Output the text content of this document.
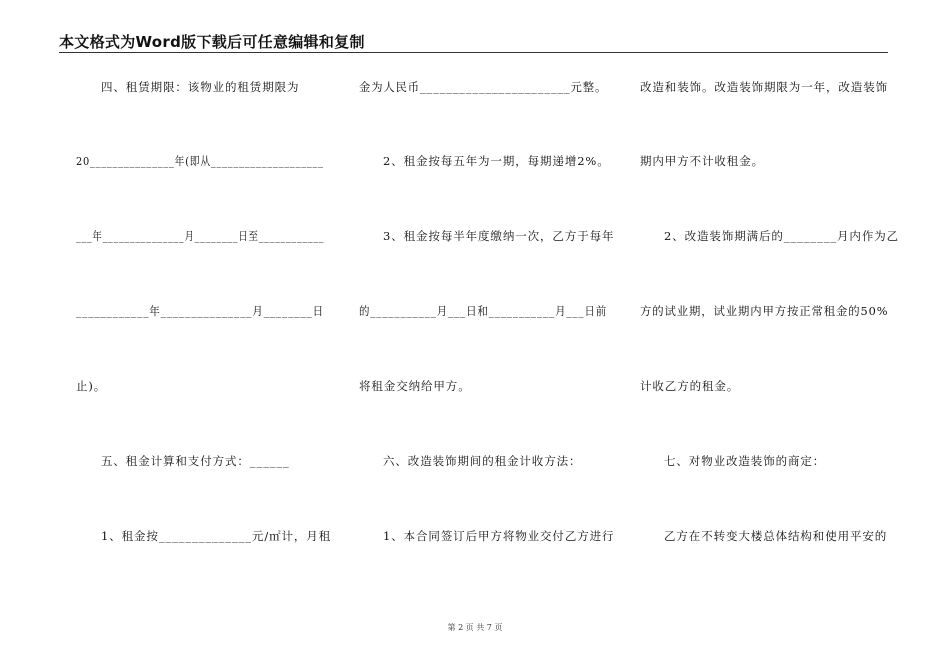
本文格式为Word版下载后可任意编辑和复制
四、租赁期限：该物业的租赁期限为
20_______________年(即从____________________
___年_______________月________日至____________
____________年_______________月________日
止)。
五、租金计算和支付方式：______
1、租金按______________元/㎡计，月租
金为人民币_______________________元整。
2、租金按每五年为一期，每期递增2%。
3、租金按每半年度缴纳一次，乙方于每年
的___________月___日和___________月___日前
将租金交纳给甲方。
六、改造装饰期间的租金计收方法：
1、本合同签订后甲方将物业交付乙方进行
改造和装饰。改造装饰期限为一年，改造装饰
期内甲方不计收租金。
2、改造装饰期满后的________月内作为乙
方的试业期，试业期内甲方按正常租金的50%
计收乙方的租金。
七、对物业改造装饰的商定：
乙方在不转变大楼总体结构和使用平安的
第 2 页 共 7 页
